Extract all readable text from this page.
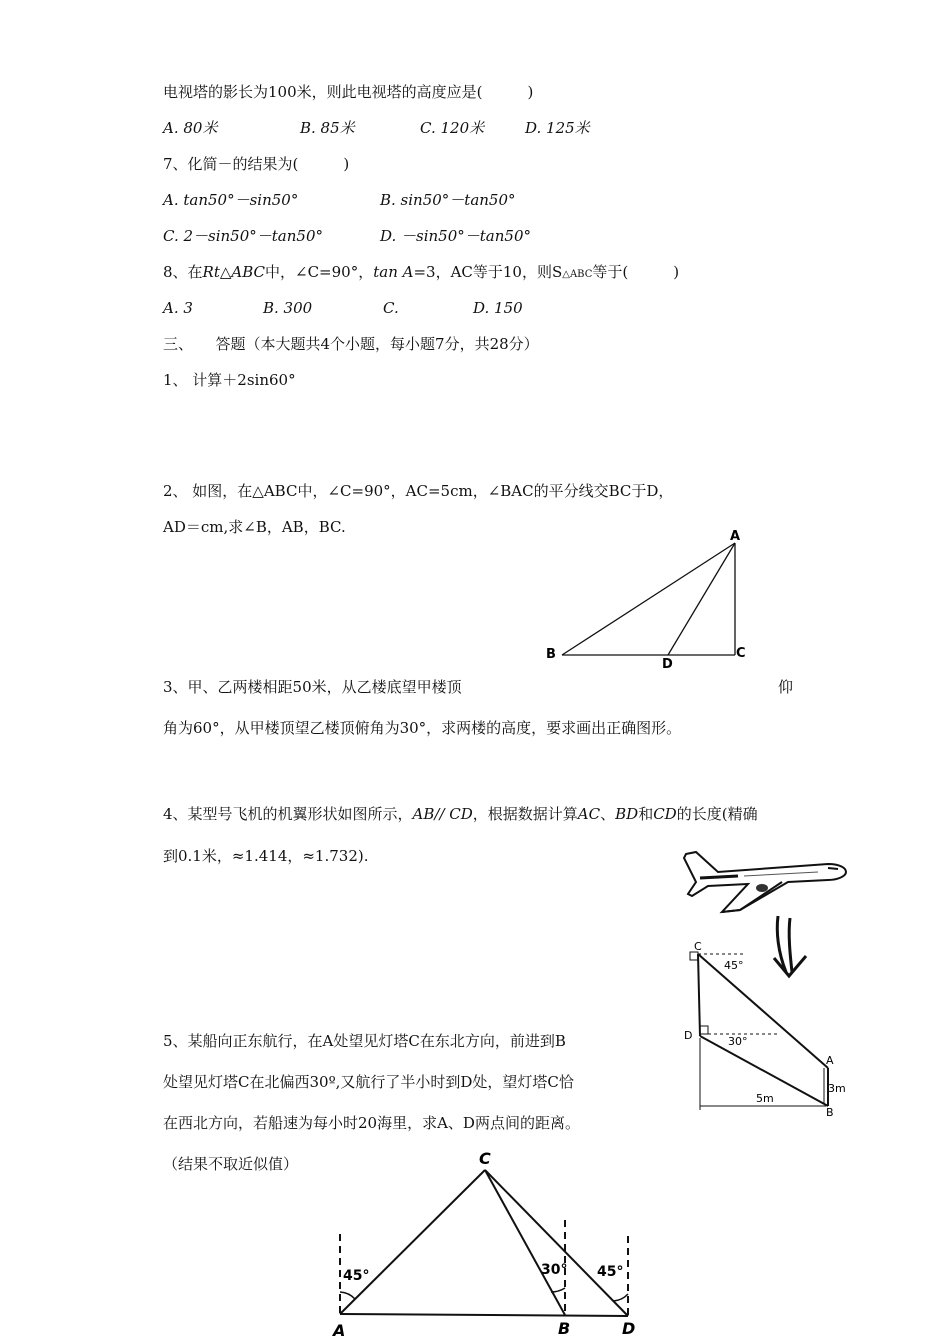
电视塔的影长为100米，则此电视塔的高度应是(　　　)
A. 80米	B. 85米	C. 120米	D. 125米
7、化简－的结果为(　　　)
A. tan50°－sin50°	B. sin50°－tan50°
C. 2－sin50°－tan50°	D. －sin50°－tan50°
8、在Rt△ABC中，∠C=90°，tan A=3，AC等于10，则S△ABC等于(　　　)
A. 3	B. 300	C.	D. 150
三、　　答题（本大题共4个小题，每小题7分，共28分）
1、 计算＋2sin60°
2、 如图，在△ABC中，∠C=90°，AC=5cm，∠BAC的平分线交BC于D，
AD＝cm,求∠B，AB，BC.
3、甲、乙两楼相距50米，从乙楼底望甲楼顶	仰
角为60°，从甲楼顶望乙楼顶俯角为30°，求两楼的高度，要求画出正确图形。
4、某型号飞机的机翼形状如图所示，AB// CD，根据数据计算AC、BD和CD的长度(精确
到0.1米，≈1.414，≈1.732).
5、某船向正东航行，在A处望见灯塔C在东北方向，前进到B
处望见灯塔C在北偏西30º,又航行了半小时到D处，望灯塔C恰
在西北方向，若船速为每小时20海里，求A、D两点间的距离。
（结果不取近似值）
A
B	C
D
C
D
A
B
45°
30°
3m
5m
45°	30° 45°
C
A	B	D
